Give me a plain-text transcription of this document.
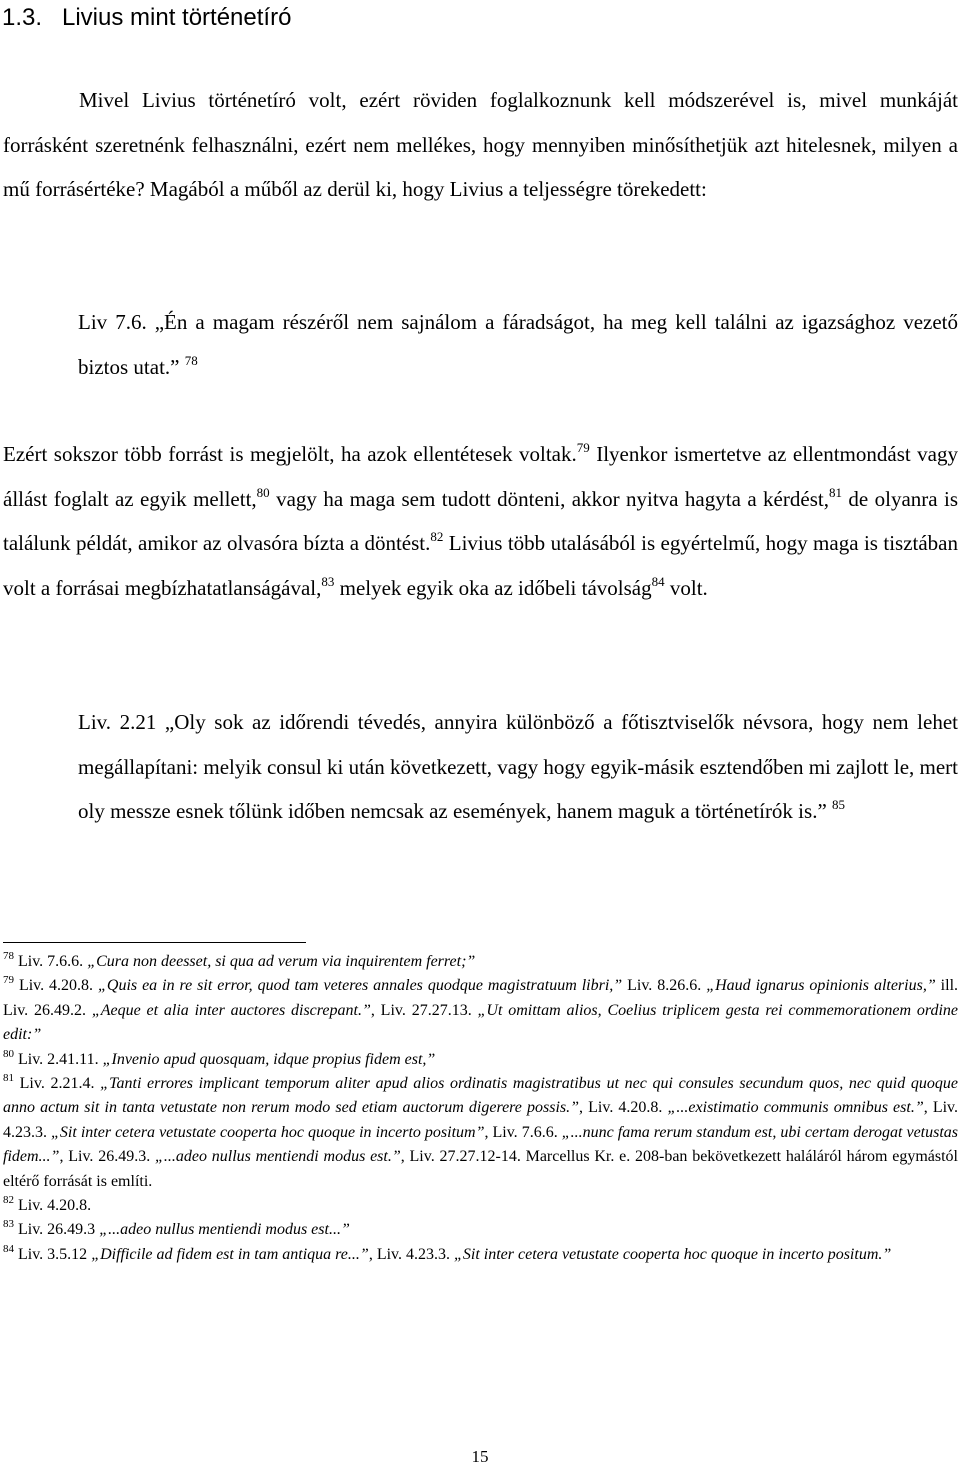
1.3. Livius mint történetíró
Mivel Livius történetíró volt, ezért röviden foglalkoznunk kell módszerével is, mivel munkáját forrásként szeretnénk felhasználni, ezért nem mellékes, hogy mennyiben minősíthetjük azt hitelesnek, milyen a mű forrásértéke? Magából a műből az derül ki, hogy Livius a teljességre törekedett:
Liv 7.6. „Én a magam részéről nem sajnálom a fáradságot, ha meg kell találni az igazsághoz vezető biztos utat.” $^{78}$
Ezért sokszor több forrást is megjelölt, ha azok ellentétesek voltak.$^{79}$ Ilyenkor ismertetve az ellentmondást vagy állást foglalt az egyik mellett,$^{80}$ vagy ha maga sem tudott dönteni, akkor nyitva hagyta a kérdést,$^{81}$ de olyanra is találunk példát, amikor az olvasóra bízta a döntést.$^{82}$ Livius több utalásából is egyértelmű, hogy maga is tisztában volt a forrásai megbízhatatlanságával,$^{83}$ melyek egyik oka az időbeli távolság$^{84}$ volt.
Liv. 2.21 „Oly sok az időrendi tévedés, annyira különböző a főtisztviselők névsora, hogy nem lehet megállapítani: melyik consul ki után következett, vagy hogy egyik-másik esztendőben mi zajlott le, mert oly messze esnek tőlünk időben nemcsak az események, hanem maguk a történetírók is.” $^{85}$

$^{78}$ Liv. 7.6.6. „Cura non deesset, si qua ad verum via inquirentem ferret;”

$^{79}$ Liv. 4.20.8. „Quis ea in re sit error, quod tam veteres annales quodque magistratuum libri,” Liv. 8.26.6. „Haud ignarus opinionis alterius,” ill. Liv. 26.49.2. „Aeque et alia inter auctores discrepant.”, Liv. 27.27.13. „Ut omittam alios, Coelius triplicem gesta rei commemorationem ordine edit:”

$^{80}$ Liv. 2.41.11. „Invenio apud quosquam, idque propius fidem est,”

$^{81}$ Liv. 2.21.4. „Tanti errores implicant temporum aliter apud alios ordinatis magistratibus ut nec qui consules secundum quos, nec quid quoque anno actum sit in tanta vetustate non rerum modo sed etiam auctorum digerere possis.”, Liv. 4.20.8. „...existimatio communis omnibus est.”, Liv. 4.23.3. „Sit inter cetera vetustate cooperta hoc quoque in incerto positum”, Liv. 7.6.6. „...nunc fama rerum standum est, ubi certam derogat vetustas fidem...”, Liv. 26.49.3. „...adeo nullus mentiendi modus est.”, Liv. 27.27.12-14. Marcellus Kr. e. 208-ban bekövetkezett haláláról három egymástól eltérő forrását is említi.

$^{82}$ Liv. 4.20.8.

$^{83}$ Liv. 26.49.3 „...adeo nullus mentiendi modus est...”

$^{84}$ Liv. 3.5.12 „Difficile ad fidem est in tam antiqua re...”, Liv. 4.23.3. „Sit inter cetera vetustate cooperta hoc quoque in incerto positum.”

15
